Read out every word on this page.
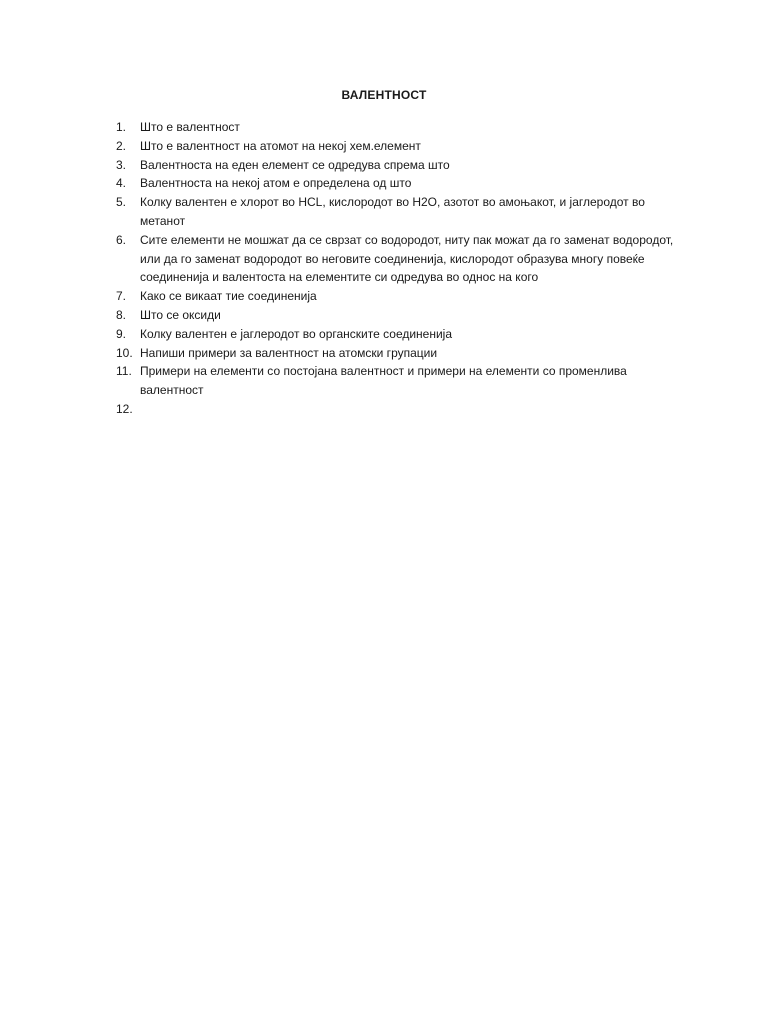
ВАЛЕНТНОСТ
1.	Што е валентност
2.	Што е валентност на атомот на некој хем.елемент
3.	Валентноста на еден елемент се одредува спрема што
4.	Валентноста на некој атом е определена од што
5.	Колку валентен е хлорот во HCL, кислородот во H2O, азотот во амоњакот, и јаглеродот во метанот
6.	Сите елементи не мошжат да се сврзат со водородот, ниту пак можат да го заменат водородот, или да го заменат водородот во неговите соединенија, кислородот образува многу повеќе соединенија и валентоста на елементите си одредува во однос на кого
7.	Како се викаат тие соединенија
8.	Што се оксиди
9.	Колку валентен е јаглеродот во органските соединенија
10. Напиши примери за валентност на атомски групации
11. Примери на елементи со постојана валентност и примери на елементи со променлива валентност
12.
